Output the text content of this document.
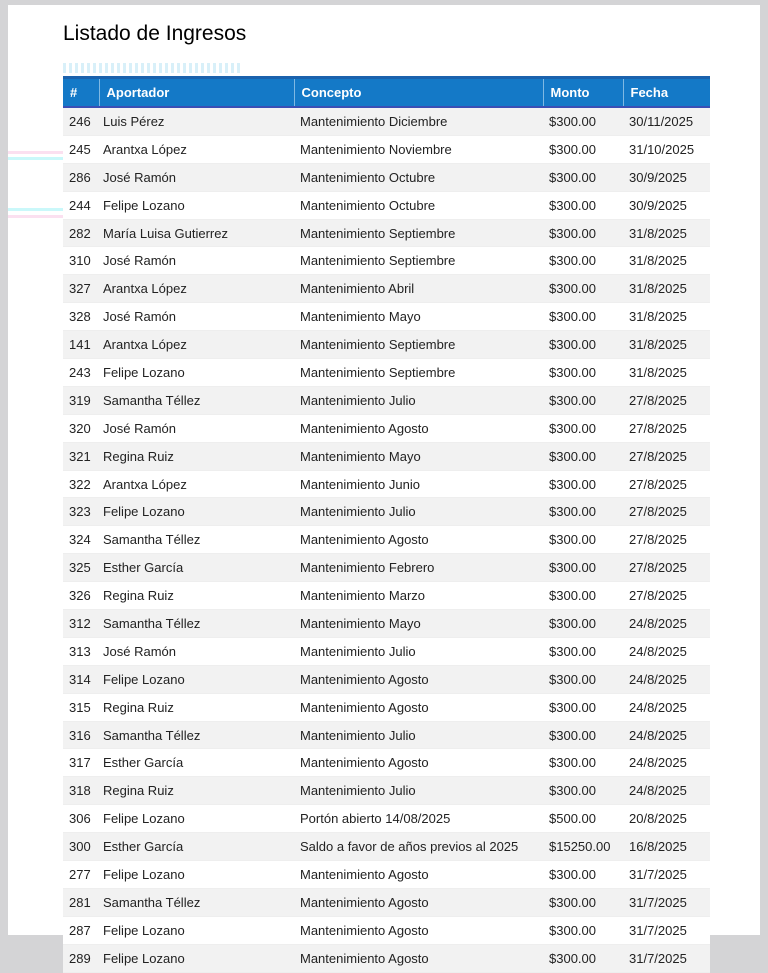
Listado de Ingresos
#	Aportador	Concepto	Monto	Fecha
246	Luis Pérez	Mantenimiento Diciembre	$300.00	30/11/2025
245	Arantxa López	Mantenimiento Noviembre	$300.00	31/10/2025
286	José Ramón	Mantenimiento Octubre	$300.00	30/9/2025
244	Felipe Lozano	Mantenimiento Octubre	$300.00	30/9/2025
282	María Luisa Gutierrez	Mantenimiento Septiembre	$300.00	31/8/2025
310	José Ramón	Mantenimiento Septiembre	$300.00	31/8/2025
327	Arantxa López	Mantenimiento Abril	$300.00	31/8/2025
328	José Ramón	Mantenimiento Mayo	$300.00	31/8/2025
141	Arantxa López	Mantenimiento Septiembre	$300.00	31/8/2025
243	Felipe Lozano	Mantenimiento Septiembre	$300.00	31/8/2025
319	Samantha Téllez	Mantenimiento Julio	$300.00	27/8/2025
320	José Ramón	Mantenimiento Agosto	$300.00	27/8/2025
321	Regina Ruiz	Mantenimiento Mayo	$300.00	27/8/2025
322	Arantxa López	Mantenimiento Junio	$300.00	27/8/2025
323	Felipe Lozano	Mantenimiento Julio	$300.00	27/8/2025
324	Samantha Téllez	Mantenimiento Agosto	$300.00	27/8/2025
325	Esther García	Mantenimiento Febrero	$300.00	27/8/2025
326	Regina Ruiz	Mantenimiento Marzo	$300.00	27/8/2025
312	Samantha Téllez	Mantenimiento Mayo	$300.00	24/8/2025
313	José Ramón	Mantenimiento Julio	$300.00	24/8/2025
314	Felipe Lozano	Mantenimiento Agosto	$300.00	24/8/2025
315	Regina Ruiz	Mantenimiento Agosto	$300.00	24/8/2025
316	Samantha Téllez	Mantenimiento Julio	$300.00	24/8/2025
317	Esther García	Mantenimiento Agosto	$300.00	24/8/2025
318	Regina Ruiz	Mantenimiento Julio	$300.00	24/8/2025
306	Felipe Lozano	Portón abierto 14/08/2025	$500.00	20/8/2025
300	Esther García	Saldo a favor de años previos al 2025	$15250.00	16/8/2025
277	Felipe Lozano	Mantenimiento Agosto	$300.00	31/7/2025
281	Samantha Téllez	Mantenimiento Agosto	$300.00	31/7/2025
287	Felipe Lozano	Mantenimiento Agosto	$300.00	31/7/2025
289	Felipe Lozano	Mantenimiento Agosto	$300.00	31/7/2025
